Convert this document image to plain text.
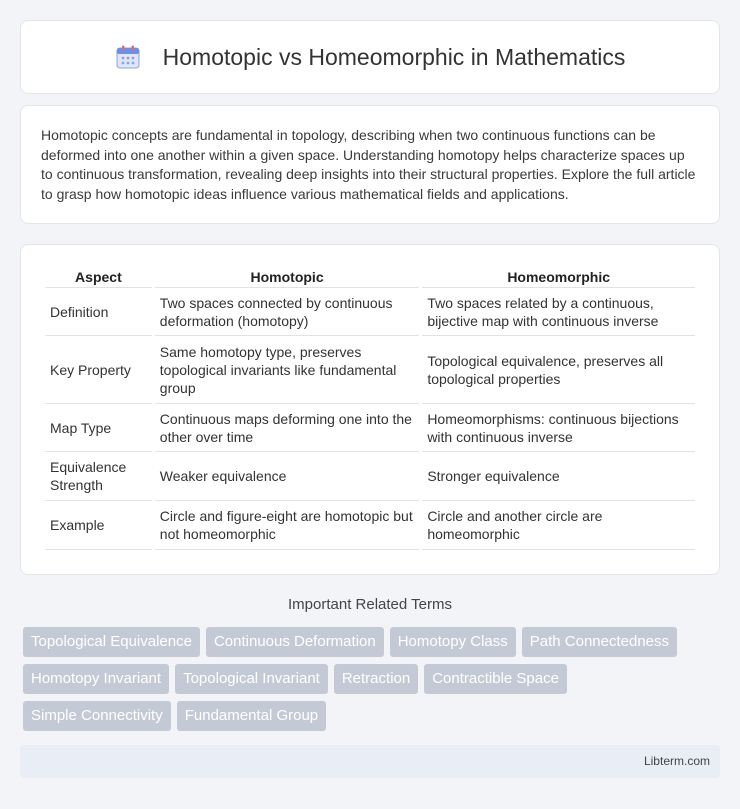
Homotopic vs Homeomorphic in Mathematics

Homotopic concepts are fundamental in topology, describing when two continuous functions can be deformed into one another within a given space. Understanding homotopy helps characterize spaces up to continuous transformation, revealing deep insights into their structural properties. Explore the full article to grasp how homotopic ideas influence various mathematical fields and applications.

Aspect	Homotopic	Homeomorphic
Definition	Two spaces connected by continuous deformation (homotopy)	Two spaces related by a continuous, bijective map with continuous inverse
Key Property	Same homotopy type, preserves topological invariants like fundamental group	Topological equivalence, preserves all topological properties
Map Type	Continuous maps deforming one into the other over time	Homeomorphisms: continuous bijections with continuous inverse
Equivalence Strength	Weaker equivalence	Stronger equivalence
Example	Circle and figure-eight are homotopic but not homeomorphic	Circle and another circle are homeomorphic
Important Related Terms
Topological Equivalence	Continuous Deformation	Homotopy Class	Path Connectedness
Homotopy Invariant	Topological Invariant	Retraction	Contractible Space
Simple Connectivity	Fundamental Group
Libterm.com
